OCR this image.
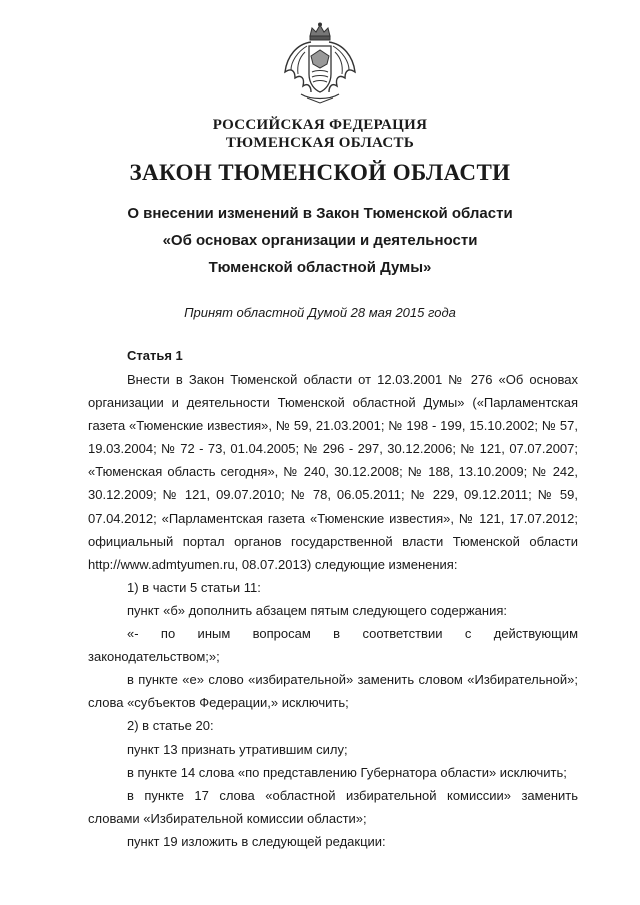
РОССИЙСКАЯ ФЕДЕРАЦИЯ
ТЮМЕНСКАЯ ОБЛАСТЬ
ЗАКОН ТЮМЕНСКОЙ ОБЛАСТИ
О внесении изменений в Закон Тюменской области
«Об основах организации и деятельности
Тюменской областной Думы»
Принят областной Думой 28 мая 2015 года
Статья 1

Внести в Закон Тюменской области от 12.03.2001 № 276 «Об основах организации и деятельности Тюменской областной Думы» («Парламентская газета «Тюменские известия», № 59, 21.03.2001; № 198 - 199, 15.10.2002; № 57, 19.03.2004; № 72 - 73, 01.04.2005; № 296 - 297, 30.12.2006; № 121, 07.07.2007; «Тюменская область сегодня», № 240, 30.12.2008; № 188, 13.10.2009; № 242, 30.12.2009; № 121, 09.07.2010; № 78, 06.05.2011; № 229, 09.12.2011; № 59, 07.04.2012; «Парламентская газета «Тюменские известия», № 121, 17.07.2012; официальный портал органов государственной власти Тюменской области http://www.admtyumen.ru, 08.07.2013) следующие изменения:

1) в части 5 статьи 11:

пункт «б» дополнить абзацем пятым следующего содержания:

«- по иным вопросам в соответствии с действующим законодательством;»;

в пункте «е» слово «избирательной» заменить словом «Избирательной»; слова «субъектов Федерации,» исключить;

2) в статье 20:

пункт 13 признать утратившим силу;

в пункте 14 слова «по представлению Губернатора области» исключить;

в пункте 17 слова «областной избирательной комиссии» заменить словами «Избирательной комиссии области»;

пункт 19 изложить в следующей редакции:
